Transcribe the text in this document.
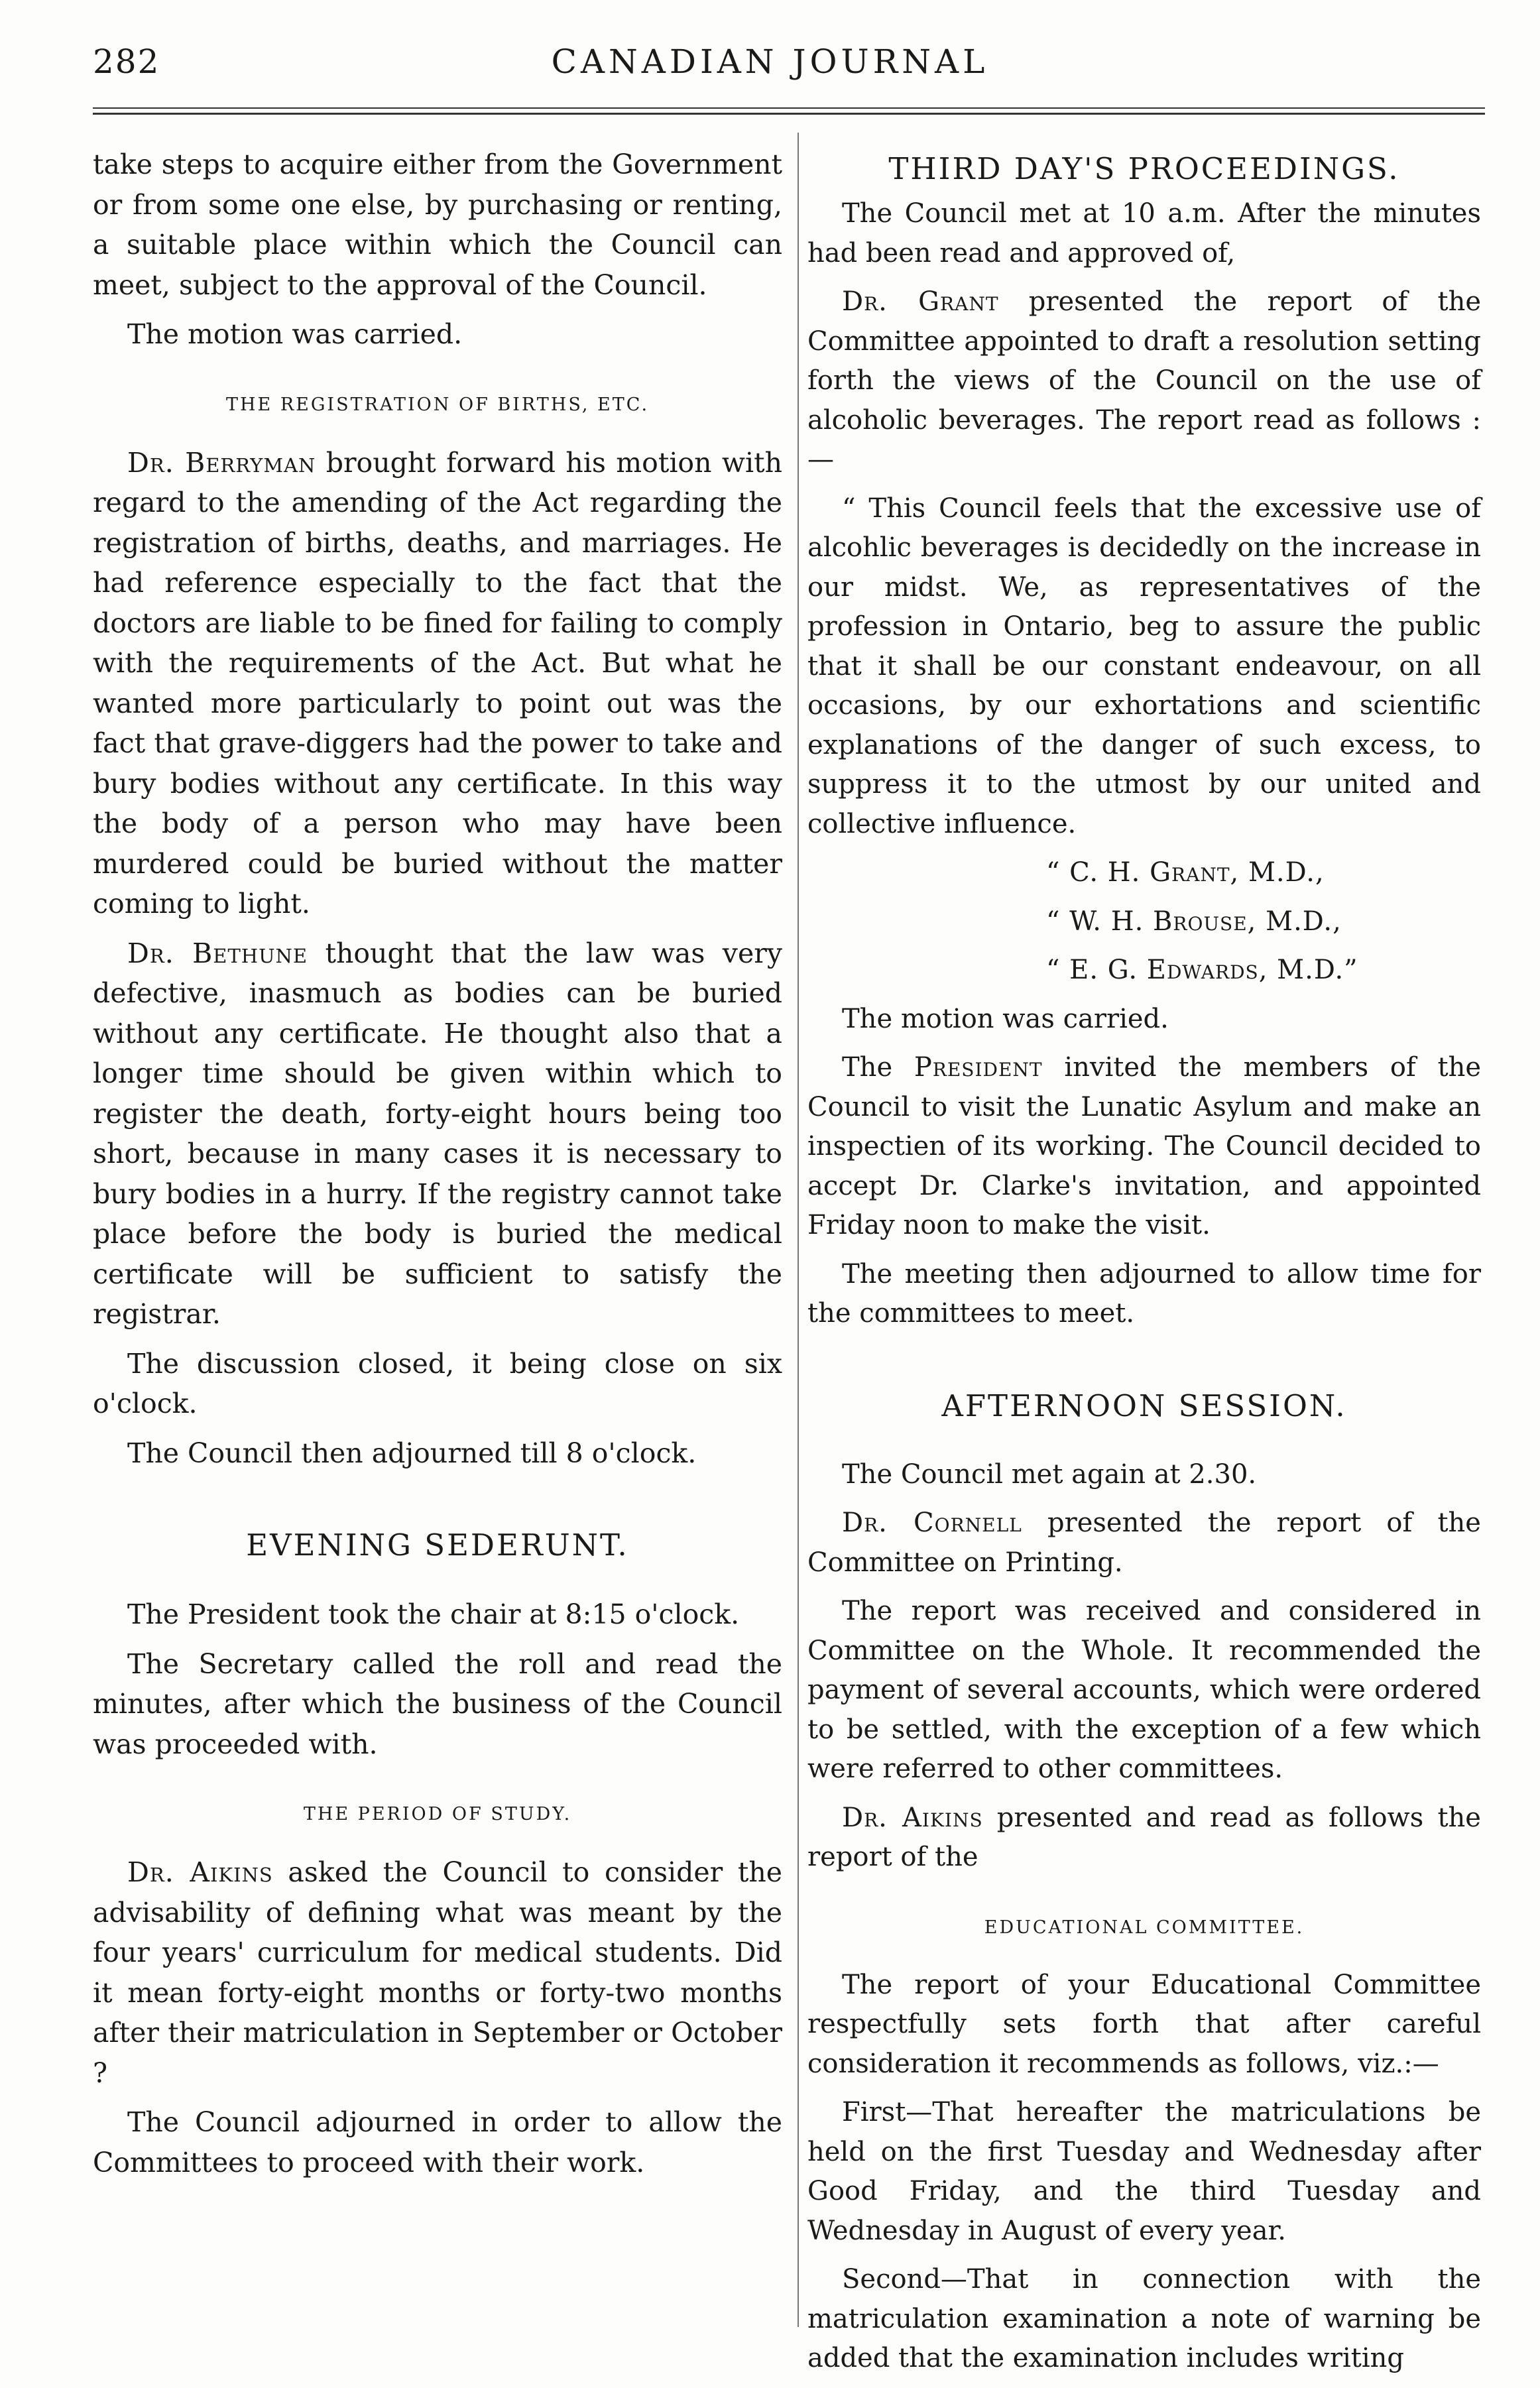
282	CANADIAN JOURNAL

take steps to acquire either from the Government or from some one else, by purchasing or renting, a suitable place within which the Council can meet, subject to the approval of the Council.

The motion was carried.

THE REGISTRATION OF BIRTHS, ETC.

Dr. Berryman brought forward his motion with regard to the amending of the Act regarding the registration of births, deaths, and marriages. He had reference especially to the fact that the doctors are liable to be fined for failing to comply with the requirements of the Act. But what he wanted more particularly to point out was the fact that grave-diggers had the power to take and bury bodies without any certificate. In this way the body of a person who may have been murdered could be buried without the matter coming to light.

Dr. Bethune thought that the law was very defective, inasmuch as bodies can be buried without any certificate. He thought also that a longer time should be given within which to register the death, forty-eight hours being too short, because in many cases it is necessary to bury bodies in a hurry. If the registry cannot take place before the body is buried the medical certificate will be sufficient to satisfy the registrar.

The discussion closed, it being close on six o'clock.

The Council then adjourned till 8 o'clock.

EVENING SEDERUNT.

The President took the chair at 8:15 o'clock.

The Secretary called the roll and read the minutes, after which the business of the Council was proceeded with.

THE PERIOD OF STUDY.

Dr. Aikins asked the Council to consider the advisability of defining what was meant by the four years' curriculum for medical students. Did it mean forty-eight months or forty-two months after their matriculation in September or October ?

The Council adjourned in order to allow the Committees to proceed with their work.

THIRD DAY'S PROCEEDINGS.

The Council met at 10 a.m. After the minutes had been read and approved of,

Dr. Grant presented the report of the Committee appointed to draft a resolution setting forth the views of the Council on the use of alcoholic beverages. The report read as follows :—

“ This Council feels that the excessive use of alcohlic beverages is decidedly on the increase in our midst. We, as representatives of the profession in Ontario, beg to assure the public that it shall be our constant endeavour, on all occasions, by our exhortations and scientific explanations of the danger of such excess, to suppress it to the utmost by our united and collective influence.

“ C. H. Grant, M.D.,

“ W. H. Brouse, M.D.,

“ E. G. Edwards, M.D.”

The motion was carried.

The President invited the members of the Council to visit the Lunatic Asylum and make an inspectien of its working. The Council decided to accept Dr. Clarke's invitation, and appointed Friday noon to make the visit.

The meeting then adjourned to allow time for the committees to meet.

AFTERNOON SESSION.

The Council met again at 2.30.

Dr. Cornell presented the report of the Committee on Printing.

The report was received and considered in Committee on the Whole. It recommended the payment of several accounts, which were ordered to be settled, with the exception of a few which were referred to other committees.

Dr. Aikins presented and read as follows the report of the

EDUCATIONAL COMMITTEE.

The report of your Educational Committee respectfully sets forth that after careful consideration it recommends as follows, viz.:—

First—That hereafter the matriculations be held on the first Tuesday and Wednesday after Good Friday, and the third Tuesday and Wednesday in August of every year.

Second—That in connection with the matriculation examination a note of warning be added that the examination includes writing
